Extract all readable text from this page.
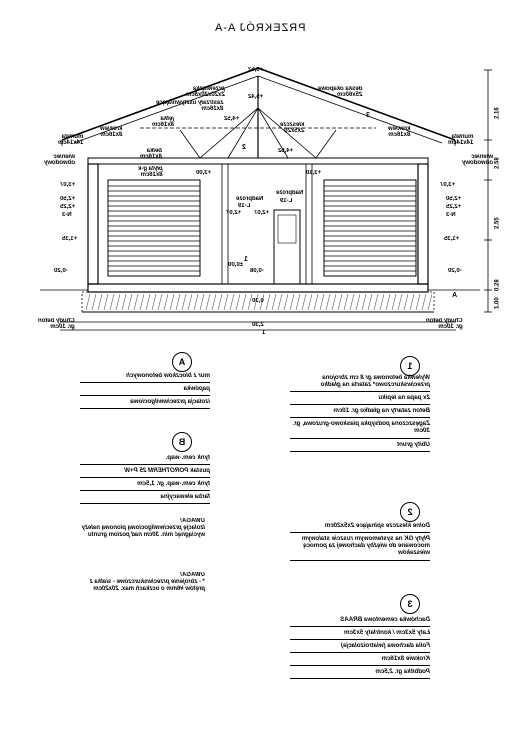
PRZEKRÓJ A-A
+6,52
+5,42
+4,52
+4,52
+3,00	+3,10
+2,07 +2,07
Nadproże
Nadproże
L-19
L-19
±0,00
-0,08
-0,20	-0,20
+3,07
+2,50
+2,25
N-3
+1,35
+3,07
+2,50
+2,25
N-3
+1,35
0,30
2,30
1
A
1
2
3
murłata
14x14cm
murłata
14x14cm
wieniec
obwodowy
wieniec
obwodowy
krokiew
8x16cm
krokiew
8x16cm
jętka
8x16cm	kleszcze
2x5x20
deska okapowa
25x60cm
przewiązka
2x20x20x8cm
zastrzały usztywniające
8x16cm
płyta g-k
8x16cm
belka
8x16cm
Chudy beton
gr. 10cm
Chudy beton
gr. 10cm
2.16
2.58
2.55
0.28
1.00
A
mur z bloczków betonowych
papówka
izolacja przeciwwilgociowa
B
tynk cem.-wap.
pustak POROTHERM 25 P+W
tynk cem.-wap. gr. 1,5cm
farba elewacyjna
UWAGA!
Izolację przeciwwilgociową pionową należy wyciągnąć min. 30cm nad poziom gruntu
UWAGA!
* - zbrojenie przeciwskurczowe - siatka z prętów #6mm o oczkach max. 20x20cm
1
Wylewka betonowa gr 8 cm zbrojona przeciwskurczowo* zatarta na gładko
2x papa na lepiku
Beton zatarty na gładko gr. 10cm
Zagęszczona podsypka piaskowo-gruzowa, gr. 30cm
Ubity grunt
2
Dolne kleszcze spinające 2x5x20cm
Płyty GK na systemowym ruszcie stalowym mocowane do więźby dachowej za pomocą wieszaków
3
Dachówka cementowa BRAAS
Łaty 5x3cm / kontrłaty 5x3cm
Folia dachowa (wiatroizolacja)
Krokwie 8x16cm
Podbitka gr. 2,5cm
